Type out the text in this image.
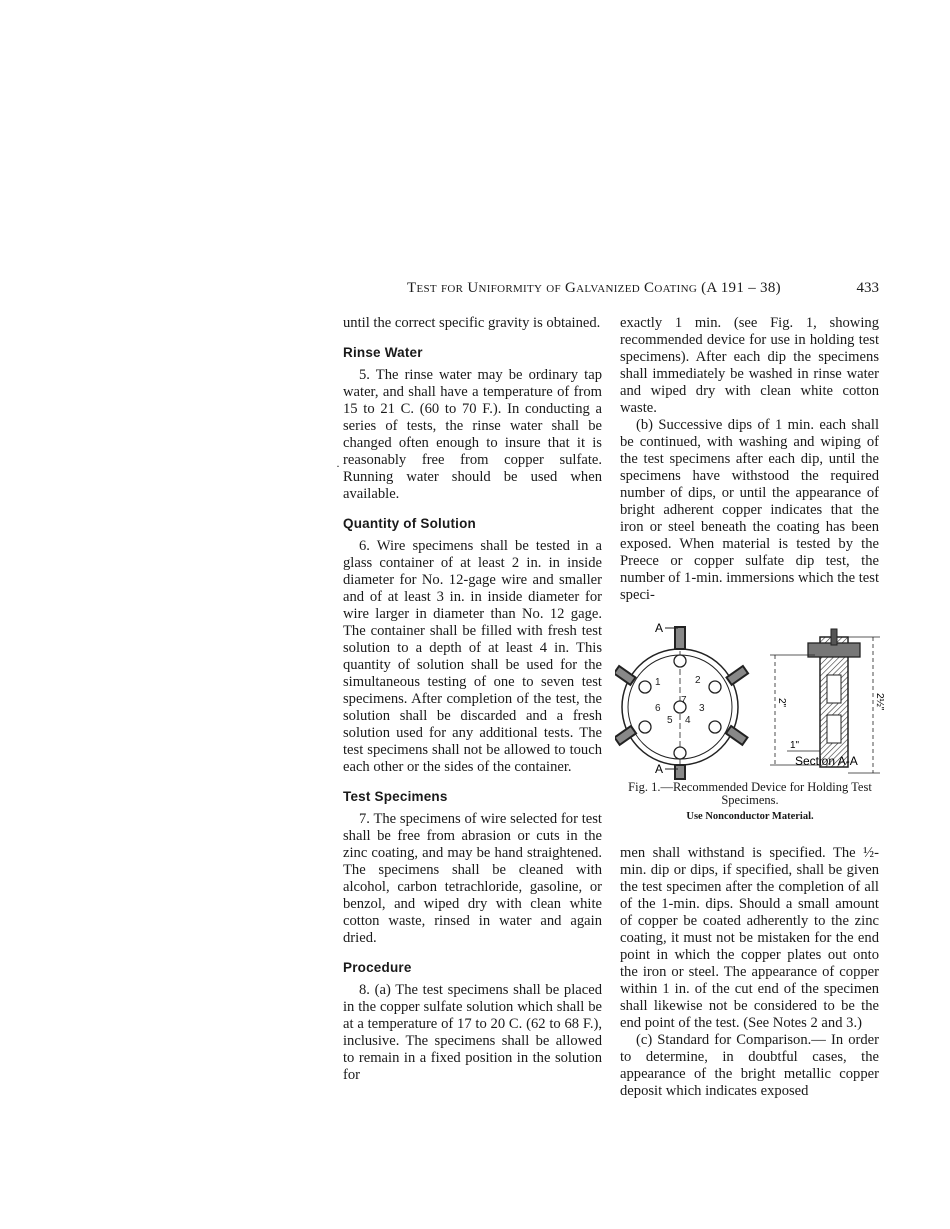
Test for Uniformity of Galvanized Coating (A 191 – 38)	433
·

until the correct specific gravity is obtained.

Rinse Water

5. The rinse water may be ordinary tap water, and shall have a temperature of from 15 to 21 C. (60 to 70 F.). In conducting a series of tests, the rinse water shall be changed often enough to insure that it is reasonably free from copper sulfate. Running water should be used when available.

Quantity of Solution

6. Wire specimens shall be tested in a glass container of at least 2 in. in inside diameter for No. 12-gage wire and smaller and of at least 3 in. in inside diameter for wire larger in diameter than No. 12 gage. The container shall be filled with fresh test solution to a depth of at least 4 in. This quantity of solution shall be used for the simultaneous testing of one to seven test specimens. After completion of the test, the solution shall be discarded and a fresh solution used for any additional tests. The test specimens shall not be allowed to touch each other or the sides of the container.

Test Specimens

7. The specimens of wire selected for test shall be free from abrasion or cuts in the zinc coating, and may be hand straightened. The specimens shall be cleaned with alcohol, carbon tetrachloride, gasoline, or benzol, and wiped dry with clean white cotton waste, rinsed in water and again dried.

Procedure

8. (a) The test specimens shall be placed in the copper sulfate solution which shall be at a temperature of 17 to 20 C. (62 to 68 F.), inclusive. The specimens shall be allowed to remain in a fixed position in the solution for

exactly 1 min. (see Fig. 1, showing recommended device for use in holding test specimens). After each dip the specimens shall immediately be washed in rinse water and wiped dry with clean white cotton waste.

(b) Successive dips of 1 min. each shall be continued, with washing and wiping of the test specimens after each dip, until the specimens have withstood the required number of dips, or until the appearance of bright adherent copper indicates that the iron or steel beneath the coating has been exposed. When material is tested by the Preece or copper sulfate dip test, the number of 1-min. immersions which the test speci-

1	2
3
4
5
6
7
A
A
2"	2½"
1"
Section A-A
Fig. 1.—Recommended Device for Holding Test Specimens.
Use Nonconductor Material.

men shall withstand is specified. The ½-min. dip or dips, if specified, shall be given the test specimen after the completion of all of the 1-min. dips. Should a small amount of copper be coated adherently to the zinc coating, it must not be mistaken for the end point in which the copper plates out onto the iron or steel. The appearance of copper within 1 in. of the cut end of the specimen shall likewise not be considered to be the end point of the test. (See Notes 2 and 3.)

(c) Standard for Comparison.— In order to determine, in doubtful cases, the appearance of the bright metallic copper deposit which indicates exposed
